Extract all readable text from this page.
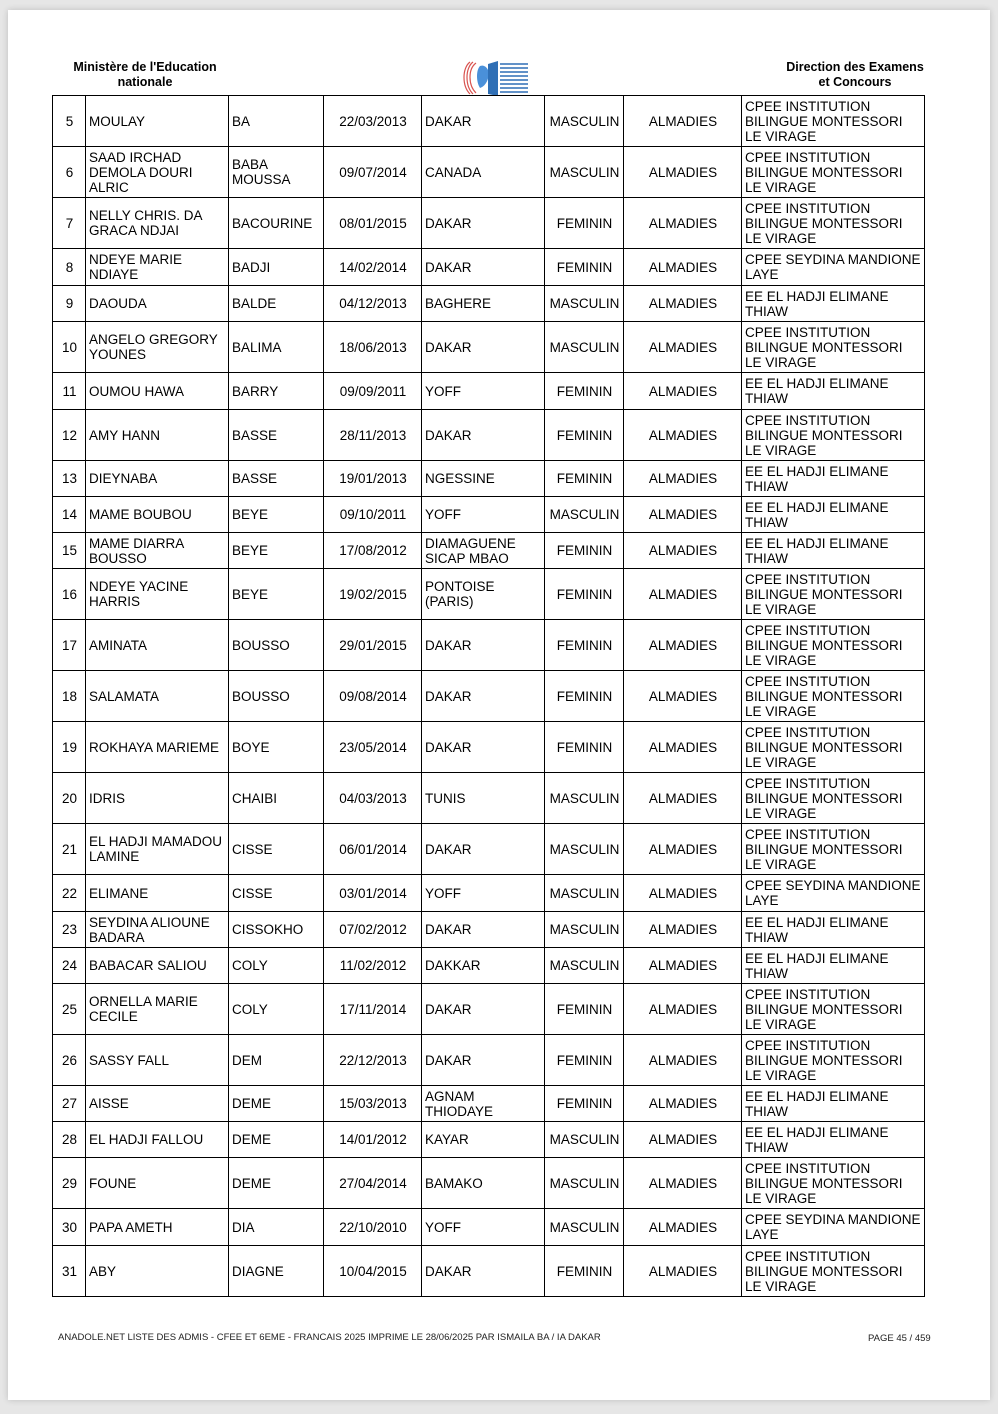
Ministère de l'Education
nationale
Direction des Examens
et Concours
5	MOULAY	BA	22/03/2013	DAKAR	MASCULIN	ALMADIES	CPEE INSTITUTION BILINGUE MONTESSORI LE VIRAGE
6	SAAD IRCHAD DEMOLA DOURI ALRIC	BABA MOUSSA	09/07/2014	CANADA	MASCULIN	ALMADIES	CPEE INSTITUTION BILINGUE MONTESSORI LE VIRAGE
7	NELLY CHRIS. DA GRACA NDJAI	BACOURINE	08/01/2015	DAKAR	FEMININ	ALMADIES	CPEE INSTITUTION BILINGUE MONTESSORI LE VIRAGE
8	NDEYE MARIE NDIAYE	BADJI	14/02/2014	DAKAR	FEMININ	ALMADIES	CPEE SEYDINA MANDIONE LAYE
9	DAOUDA	BALDE	04/12/2013	BAGHERE	MASCULIN	ALMADIES	EE EL HADJI ELIMANE THIAW
10	ANGELO GREGORY YOUNES	BALIMA	18/06/2013	DAKAR	MASCULIN	ALMADIES	CPEE INSTITUTION BILINGUE MONTESSORI LE VIRAGE
11	OUMOU HAWA	BARRY	09/09/2011	YOFF	FEMININ	ALMADIES	EE EL HADJI ELIMANE THIAW
12	AMY HANN	BASSE	28/11/2013	DAKAR	FEMININ	ALMADIES	CPEE INSTITUTION BILINGUE MONTESSORI LE VIRAGE
13	DIEYNABA	BASSE	19/01/2013	NGESSINE	FEMININ	ALMADIES	EE EL HADJI ELIMANE THIAW
14	MAME BOUBOU	BEYE	09/10/2011	YOFF	MASCULIN	ALMADIES	EE EL HADJI ELIMANE THIAW
15	MAME DIARRA BOUSSO	BEYE	17/08/2012	DIAMAGUENE SICAP MBAO	FEMININ	ALMADIES	EE EL HADJI ELIMANE THIAW
16	NDEYE YACINE HARRIS	BEYE	19/02/2015	PONTOISE (PARIS)	FEMININ	ALMADIES	CPEE INSTITUTION BILINGUE MONTESSORI LE VIRAGE
17	AMINATA	BOUSSO	29/01/2015	DAKAR	FEMININ	ALMADIES	CPEE INSTITUTION BILINGUE MONTESSORI LE VIRAGE
18	SALAMATA	BOUSSO	09/08/2014	DAKAR	FEMININ	ALMADIES	CPEE INSTITUTION BILINGUE MONTESSORI LE VIRAGE
19	ROKHAYA MARIEME	BOYE	23/05/2014	DAKAR	FEMININ	ALMADIES	CPEE INSTITUTION BILINGUE MONTESSORI LE VIRAGE
20	IDRIS	CHAIBI	04/03/2013	TUNIS	MASCULIN	ALMADIES	CPEE INSTITUTION BILINGUE MONTESSORI LE VIRAGE
21	EL HADJI MAMADOU LAMINE	CISSE	06/01/2014	DAKAR	MASCULIN	ALMADIES	CPEE INSTITUTION BILINGUE MONTESSORI LE VIRAGE
22	ELIMANE	CISSE	03/01/2014	YOFF	MASCULIN	ALMADIES	CPEE SEYDINA MANDIONE LAYE
23	SEYDINA ALIOUNE BADARA	CISSOKHO	07/02/2012	DAKAR	MASCULIN	ALMADIES	EE EL HADJI ELIMANE THIAW
24	BABACAR SALIOU	COLY	11/02/2012	DAKKAR	MASCULIN	ALMADIES	EE EL HADJI ELIMANE THIAW
25	ORNELLA MARIE CECILE	COLY	17/11/2014	DAKAR	FEMININ	ALMADIES	CPEE INSTITUTION BILINGUE MONTESSORI LE VIRAGE
26	SASSY FALL	DEM	22/12/2013	DAKAR	FEMININ	ALMADIES	CPEE INSTITUTION BILINGUE MONTESSORI LE VIRAGE
27	AISSE	DEME	15/03/2013	AGNAM THIODAYE	FEMININ	ALMADIES	EE EL HADJI ELIMANE THIAW
28	EL HADJI FALLOU	DEME	14/01/2012	KAYAR	MASCULIN	ALMADIES	EE EL HADJI ELIMANE THIAW
29	FOUNE	DEME	27/04/2014	BAMAKO	MASCULIN	ALMADIES	CPEE INSTITUTION BILINGUE MONTESSORI LE VIRAGE
30	PAPA AMETH	DIA	22/10/2010	YOFF	MASCULIN	ALMADIES	CPEE SEYDINA MANDIONE LAYE
31	ABY	DIAGNE	10/04/2015	DAKAR	FEMININ	ALMADIES	CPEE INSTITUTION BILINGUE MONTESSORI LE VIRAGE
ANADOLE.NET LISTE DES ADMIS - CFEE ET 6EME - FRANCAIS 2025 IMPRIME LE 28/06/2025 PAR ISMAILA BA / IA DAKAR	PAGE 45 / 459
